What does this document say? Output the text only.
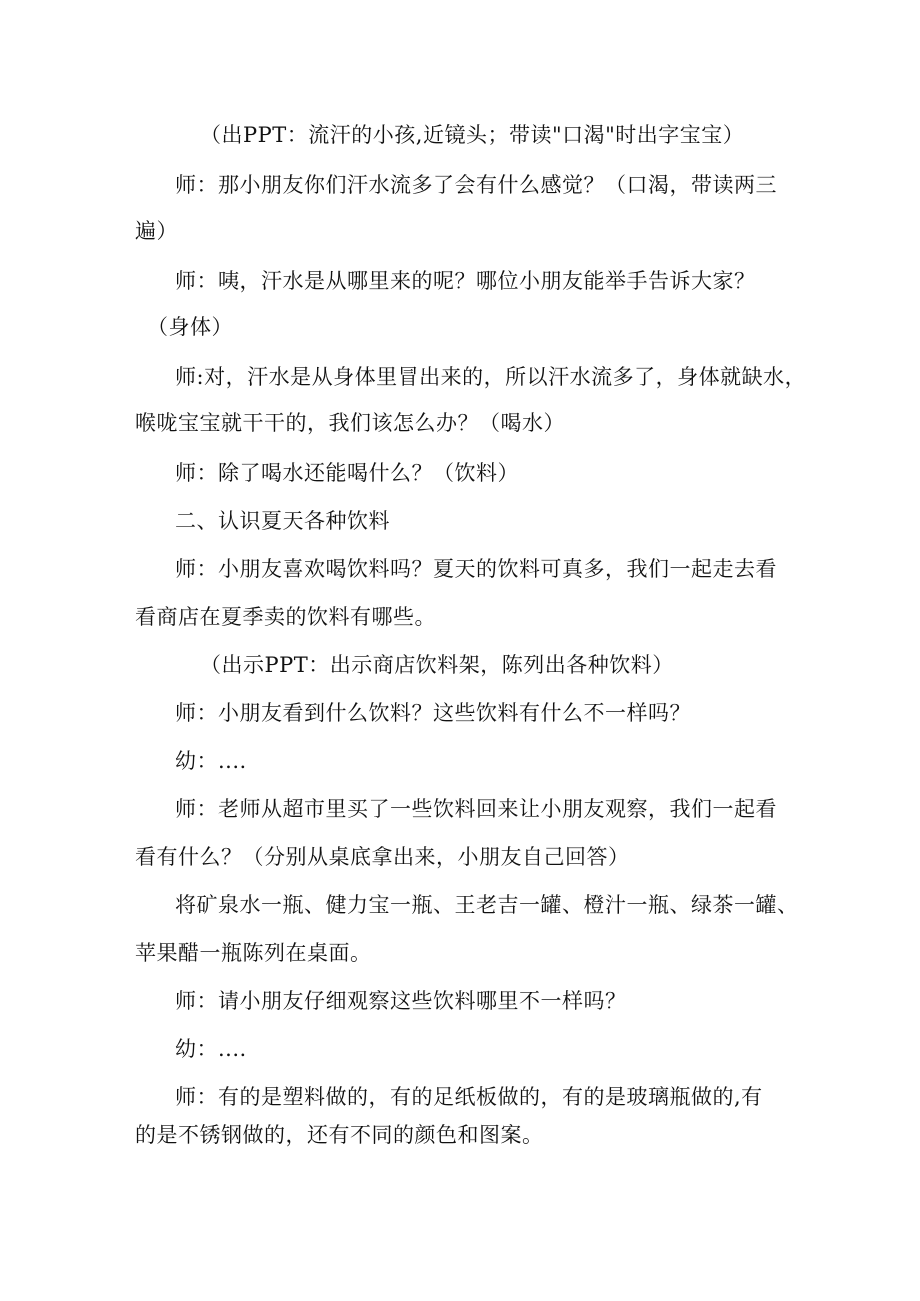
（出PPT：流汗的小孩,近镜头；带读"口渴"时出字宝宝）
师：那小朋友你们汗水流多了会有什么感觉？（口渴，带读两三
遍）
师：咦，汗水是从哪里来的呢？哪位小朋友能举手告诉大家？
（身体）
师:对，汗水是从身体里冒出来的，所以汗水流多了，身体就缺水，
喉咙宝宝就干干的，我们该怎么办？（喝水）
师：除了喝水还能喝什么？（饮料）
二、认识夏天各种饮料
师：小朋友喜欢喝饮料吗？夏天的饮料可真多，我们一起走去看
看商店在夏季卖的饮料有哪些。
（出示PPT：出示商店饮料架，陈列出各种饮料）
师：小朋友看到什么饮料？这些饮料有什么不一样吗？
幼：....
师：老师从超市里买了一些饮料回来让小朋友观察，我们一起看
看有什么？（分别从桌底拿出来，小朋友自己回答）
将矿泉水一瓶、健力宝一瓶、王老吉一罐、橙汁一瓶、绿茶一罐、
苹果醋一瓶陈列在桌面。
师：请小朋友仔细观察这些饮料哪里不一样吗？
幼：....
师：有的是塑料做的，有的足纸板做的，有的是玻璃瓶做的,有
的是不锈钢做的，还有不同的颜色和图案。
